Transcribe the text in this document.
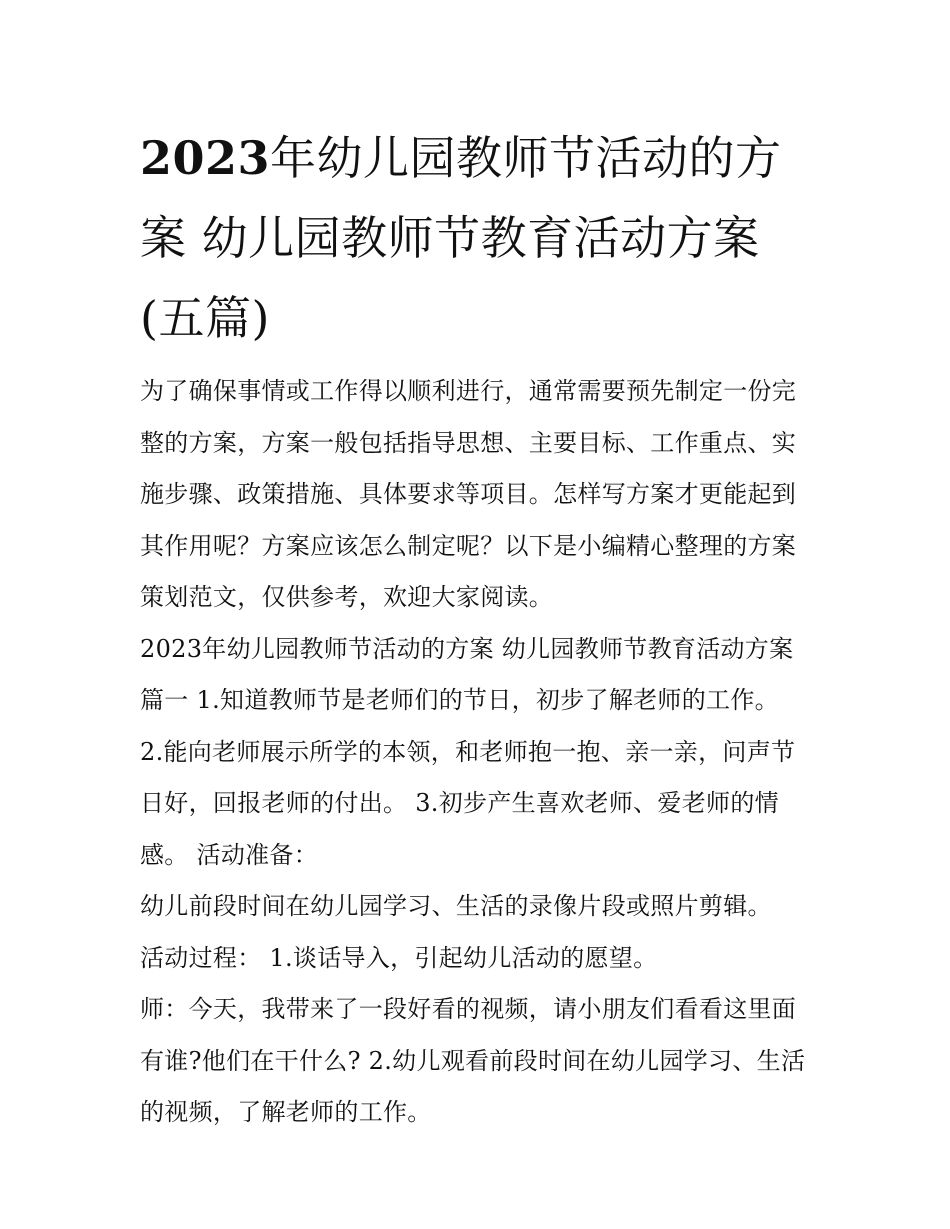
2023年幼儿园教师节活动的方案 幼儿园教师节教育活动方案(五篇)

为了确保事情或工作得以顺利进行，通常需要预先制定一份完整的方案，方案一般包括指导思想、主要目标、工作重点、实施步骤、政策措施、具体要求等项目。怎样写方案才更能起到其作用呢？方案应该怎么制定呢？以下是小编精心整理的方案策划范文，仅供参考，欢迎大家阅读。

2023年幼儿园教师节活动的方案 幼儿园教师节教育活动方案篇一 1.知道教师节是老师们的节日，初步了解老师的工作。

2.能向老师展示所学的本领，和老师抱一抱、亲一亲，问声节日好，回报老师的付出。 3.初步产生喜欢老师、爱老师的情感。 活动准备：

幼儿前段时间在幼儿园学习、生活的录像片段或照片剪辑。

活动过程： 1.谈话导入，引起幼儿活动的愿望。

师：今天，我带来了一段好看的视频，请小朋友们看看这里面有谁?他们在干什么? 2.幼儿观看前段时间在幼儿园学习、生活的视频，了解老师的工作。
